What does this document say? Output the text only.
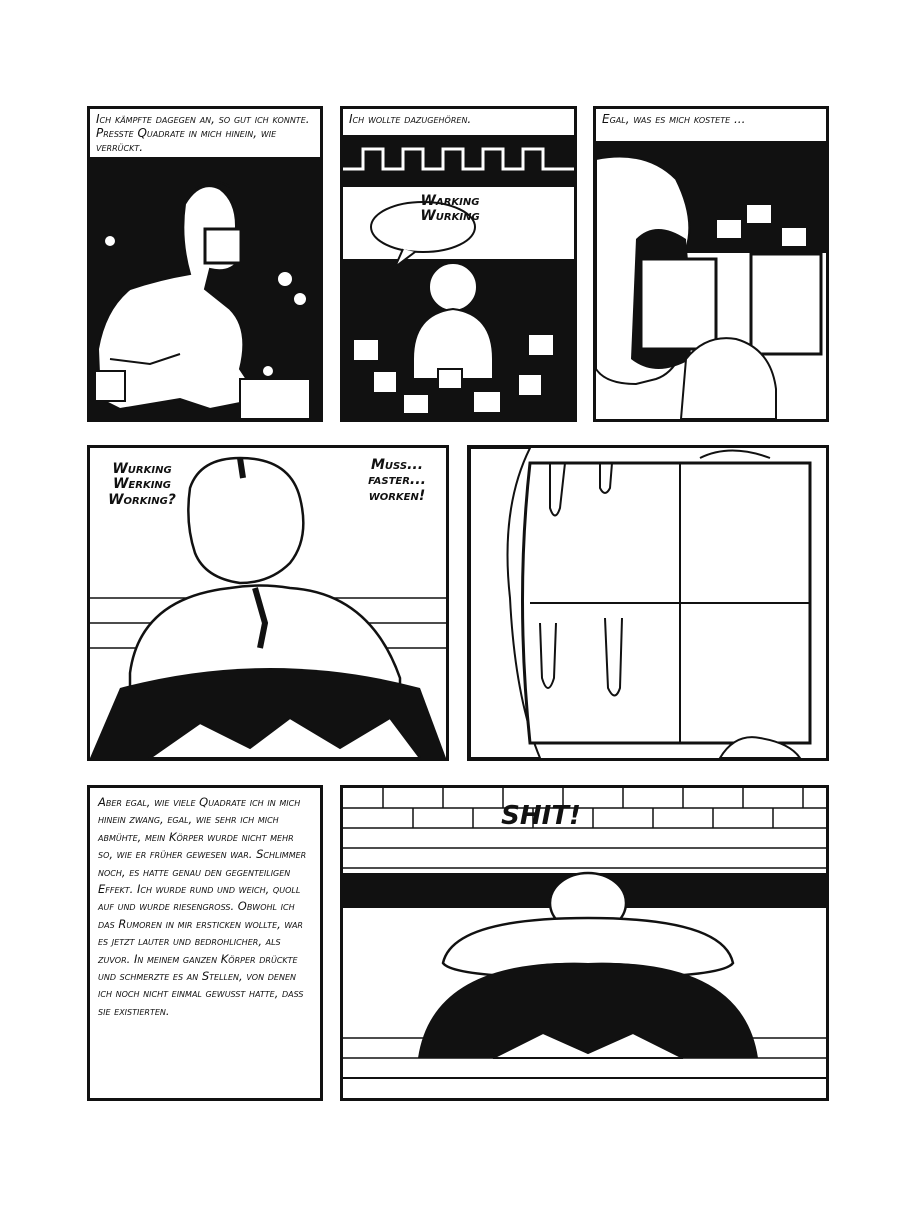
Ich kämpfte dagegen an, so gut ich konnte. Presste Quadrate in mich hinein, wie verrückt.
Ich wollte dazugehören.
Warking Wurking
Egal, was es mich kostete ...
Wurking Werking Working?
Muss... faster... worken!
Aber egal, wie viele Quadrate ich in mich hinein zwang, egal, wie sehr ich mich abmühte, mein Körper wurde nicht mehr so, wie er früher gewesen war. Schlimmer noch, es hatte genau den gegenteiligen Effekt. Ich wurde rund und weich, quoll auf und wurde riesengross. Obwohl ich das Rumoren in mir ersticken wollte, war es jetzt lauter und bedrohlicher, als zuvor. In meinem ganzen Körper drückte und schmerzte es an Stellen, von denen ich noch nicht einmal gewusst hatte, dass sie existierten.
SHIT!
